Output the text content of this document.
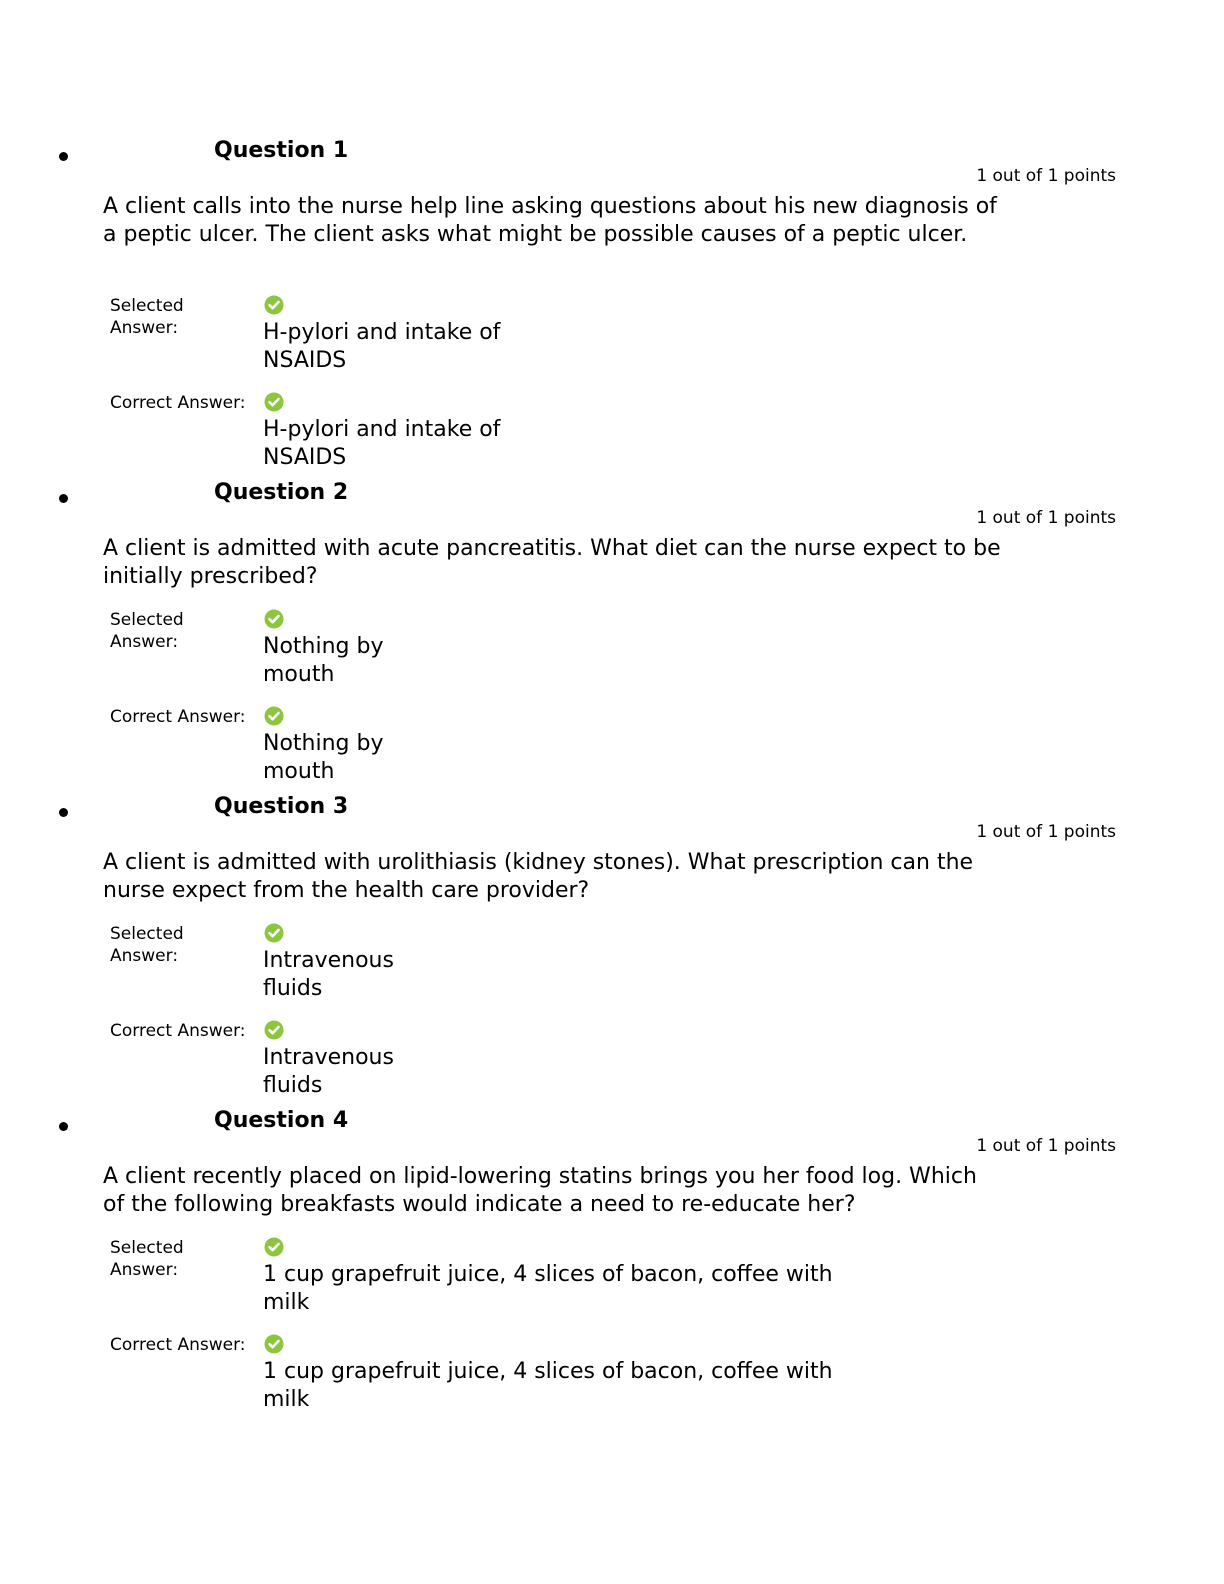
Question 1
1 out of 1 points
A client calls into the nurse help line asking questions about his new diagnosis of a peptic ulcer. The client asks what might be possible causes of a peptic ulcer.
Selected Answer:	H-pylori and intake of NSAIDS
Correct Answer:
H-pylori and intake of NSAIDS
Question 2
1 out of 1 points
A client is admitted with acute pancreatitis. What diet can the nurse expect to be initially prescribed?
Selected Answer:	Nothing by mouth
Correct Answer:
Nothing by mouth
Question 3
1 out of 1 points
A client is admitted with urolithiasis (kidney stones). What prescription can the nurse expect from the health care provider?
Selected Answer:	Intravenous fluids
Correct Answer:
Intravenous fluids
Question 4
1 out of 1 points
A client recently placed on lipid-lowering statins brings you her food log. Which of the following breakfasts would indicate a need to re-educate her?
Selected Answer:	1 cup grapefruit juice, 4 slices of bacon, coffee with milk
Correct Answer:
1 cup grapefruit juice, 4 slices of bacon, coffee with milk
